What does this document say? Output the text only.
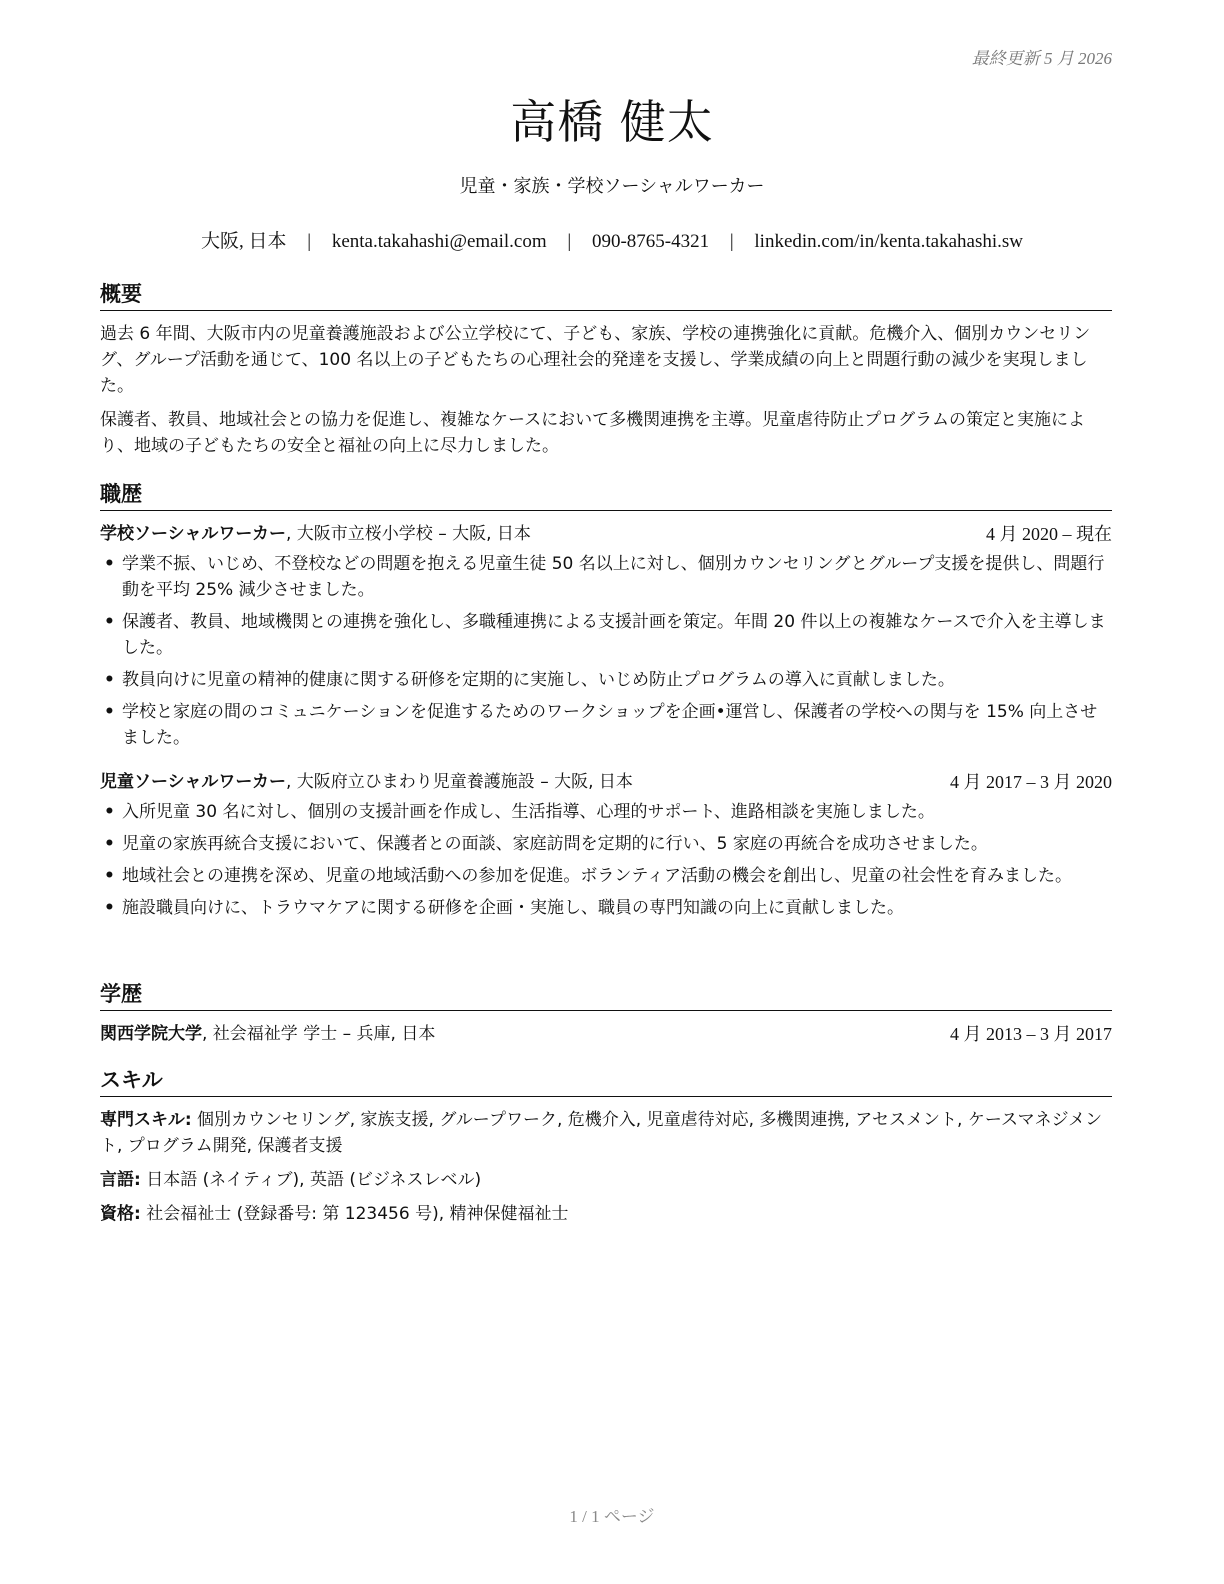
最終更新 5 月 2026
高橋 健太
児童・家族・学校ソーシャルワーカー
大阪, 日本 | kenta.takahashi@email.com | 090-8765-4321 | linkedin.com/in/kenta.takahashi.sw
概要

過去 6 年間、大阪市内の児童養護施設および公立学校にて、子ども、家族、学校の連携強化に貢献。危機介入、個別カウンセリング、グループ活動を通じて、100 名以上の子どもたちの心理社会的発達を支援し、学業成績の向上と問題行動の減少を実現しました。

保護者、教員、地域社会との協力を促進し、複雑なケースにおいて多機関連携を主導。児童虐待防止プログラムの策定と実施により、地域の子どもたちの安全と福祉の向上に尽力しました。

職歴
学校ソーシャルワーカー, 大阪市立桜小学校 – 大阪, 日本	4 月 2020 – 現在
• 学業不振、いじめ、不登校などの問題を抱える児童生徒 50 名以上に対し、個別カウンセリングとグループ支援を提供し、問題行動を平均 25% 減少させました。
• 保護者、教員、地域機関との連携を強化し、多職種連携による支援計画を策定。年間 20 件以上の複雑なケースで介入を主導しました。
• 教員向けに児童の精神的健康に関する研修を定期的に実施し、いじめ防止プログラムの導入に貢献しました。
• 学校と家庭の間のコミュニケーションを促進するためのワークショップを企画•運営し、保護者の学校への関与を 15% 向上させました。
児童ソーシャルワーカー, 大阪府立ひまわり児童養護施設 – 大阪, 日本	4 月 2017 – 3 月 2020
• 入所児童 30 名に対し、個別の支援計画を作成し、生活指導、心理的サポート、進路相談を実施しました。
• 児童の家族再統合支援において、保護者との面談、家庭訪問を定期的に行い、5 家庭の再統合を成功させました。
• 地域社会との連携を深め、児童の地域活動への参加を促進。ボランティア活動の機会を創出し、児童の社会性を育みました。
• 施設職員向けに、トラウマケアに関する研修を企画・実施し、職員の専門知識の向上に貢献しました。
学歴
関西学院大学, 社会福祉学 学士 – 兵庫, 日本	4 月 2013 – 3 月 2017
スキル
専門スキル: 個別カウンセリング, 家族支援, グループワーク, 危機介入, 児童虐待対応, 多機関連携, アセスメント, ケースマネジメント, プログラム開発, 保護者支援
言語: 日本語 (ネイティブ), 英語 (ビジネスレベル)
資格: 社会福祉士 (登録番号: 第 123456 号), 精神保健福祉士
1 / 1 ページ
